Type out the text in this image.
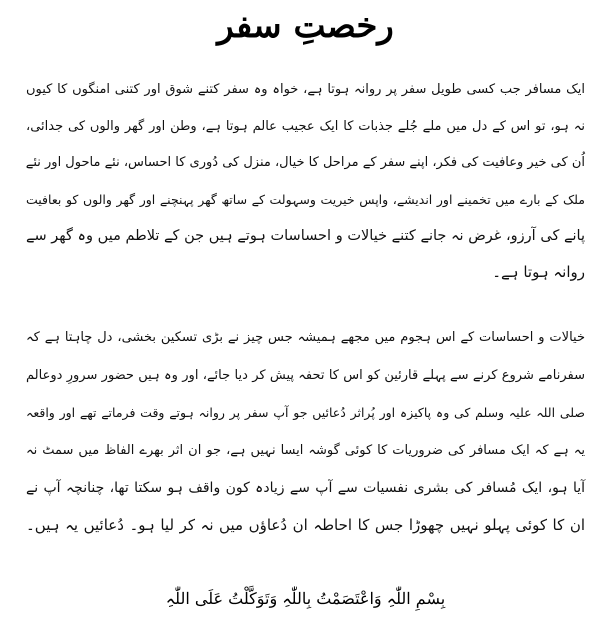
رخصتِ سفر
ایک مسافر جب کسی طویل سفر پر روانہ ہوتا ہے، خواہ وہ سفر کتنے شوق اور کتنی امنگوں کا کیوں
نہ ہو، تو اس کے دل میں ملے جُلے جذبات کا ایک عجیب عالم ہوتا ہے، وطن اور گھر والوں کی جدائی،
اُن کی خیر وعافیت کی فکر، اپنے سفر کے مراحل کا خیال، منزل کی دُوری کا احساس، نئے ماحول اور نئے
ملک کے بارے میں تخمینے اور اندیشے، واپس خیریت وسہولت کے ساتھ گھر پہنچنے اور گھر والوں کو بعافیت
پانے کی آرزو، غرض نہ جانے کتنے خیالات و احساسات ہوتے ہیں جن کے تلاطم میں وہ گھر سے
روانہ ہوتا ہے۔
خیالات و احساسات کے اس ہجوم میں مجھے ہمیشہ جس چیز نے بڑی تسکین بخشی، دل چاہتا ہے کہ
سفرنامے شروع کرنے سے پہلے قارئین کو اس کا تحفہ پیش کر دیا جائے، اور وہ ہیں حضور سرورِ دوعالم
صلی اللہ علیہ وسلم کی وہ پاکیزہ اور پُراثر دُعائیں جو آپ سفر پر روانہ ہوتے وقت فرماتے تھے اور واقعہ
یہ ہے کہ ایک مسافر کی ضروریات کا کوئی گوشہ ایسا نہیں ہے، جو ان اثر بھرے الفاظ میں سمٹ نہ
آیا ہو، ایک مُسافر کی بشری نفسیات سے آپ سے زیادہ کون واقف ہو سکتا تھا، چنانچہ آپ نے
ان کا کوئی پہلو نہیں چھوڑا جس کا احاطہ ان دُعاؤں میں نہ کر لیا ہو۔ دُعائیں یہ ہیں۔
بِسْمِ اللّٰہِ وَاعْتَصَمْتُ بِاللّٰہِ وَتَوَکَّلْتُ عَلَی اللّٰہِ
